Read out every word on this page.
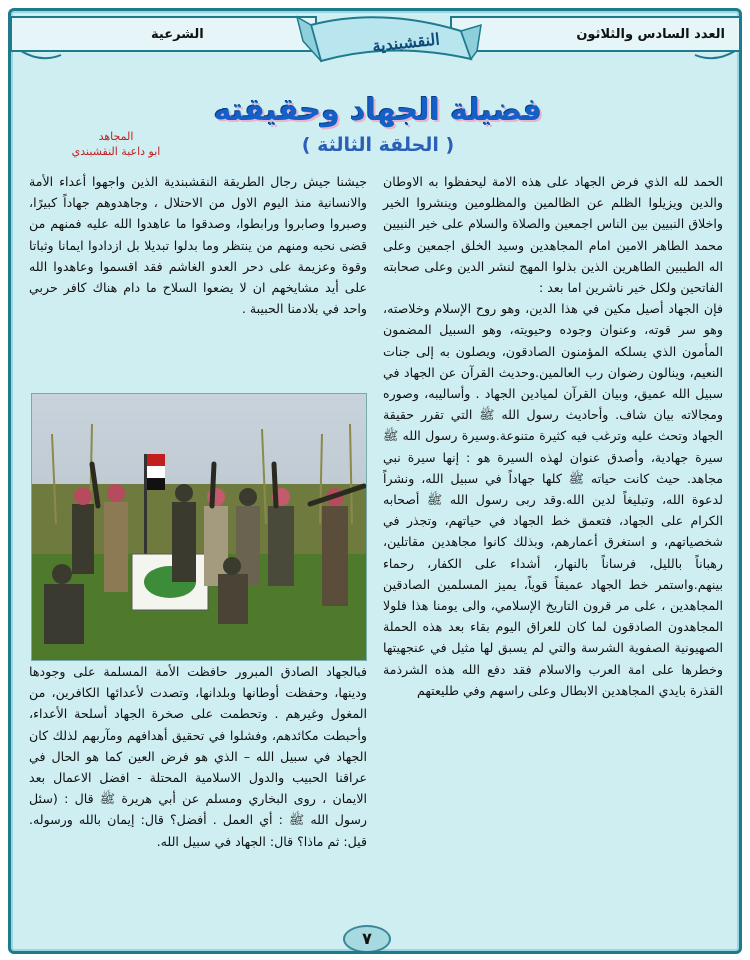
العدد السادس والثلاثون
الشرعية	النقشبندية
فضيلة الجهاد وحقيقته
( الحلقة الثالثة )
المجاهد
ابو داعبة النقشبندي

الحمد لله الذي فرض الجهاد على هذه الامة ليحفظوا به الاوطان والدين ويزيلوا الظلم عن الظالمين والمظلومين وينشروا الخير واخلاق النبيين بين الناس اجمعين والصلاة والسلام على خير النبيين محمد الطاهر الامين امام المجاهدين وسيد الخلق اجمعين وعلى اله الطيبين الطاهرين الذين بذلوا المهج لنشر الدين وعلى صحابته الفاتحين ولكل خير ناشرين اما بعد :

فإن الجهاد أصيل مكين في هذا الدين، وهو روح الإسلام وخلاصته، وهو سر قوته، وعنوان وجوده وحيويته، وهو السبيل المضمون المأمون الذي يسلكه المؤمنون الصادقون، ويصلون به إلى جنات النعيم، وينالون رضوان رب العالمين.وحديث القرآن عن الجهاد في سبيل الله عميق، وبيان القرآن لميادين الجهاد . وأساليبه، وصوره ومجالاته بيان شاف. وأحاديث رسول الله ﷺ التي تقرر حقيقة الجهاد وتحث عليه وترغب فيه كثيرة متنوعة.وسيرة رسول الله ﷺ سيرة جهادية، وأصدق عنوان لهذه السيرة هو : إنها سيرة نبي مجاهد. حيث كانت حياته ﷺ كلها جهاداً في سبيل الله، ونشراً لدعوة الله، وتبليغاً لدين الله.وقد ربى رسول الله ﷺ أصحابه الكرام على الجهاد، فتعمق خط الجهاد في حياتهم، وتجذر في شخصياتهم، و استغرق أعمارهم، وبذلك كانوا مجاهدين مقاتلين، رهباناً بالليل، فرساناً بالنهار، أشداء على الكفار، رحماء بينهم.واستمر خط الجهاد عميقاً قوياً، يميز المسلمين الصادقين المجاهدين ، على مر قرون التاريخ الإسلامي، والى يومنا هذا فلولا المجاهدون الصادقون لما كان للعراق اليوم بقاء بعد هذه الحملة الصهيونية الصفوية الشرسة والتي لم يسبق لها مثيل في عنجهيتها وخطرها على امة العرب والاسلام فقد دفع الله هذه الشرذمة القذرة بايدي المجاهدين الابطال وعلى راسهم وفي طليعتهم

جيشنا جيش رجال الطريقة النقشبندية الذين واجهوا أعداء الأمة والانسانية منذ اليوم الاول من الاحتلال ، وجاهدوهم جهاداً كبيرًا، وصبروا وصابروا ورابطوا، وصدقوا ما عاهدوا الله عليه فمنهم من قضى نحبه ومنهم من ينتظر وما بدلوا تبديلا بل ازدادوا ايمانا وثباتا وقوة وعزيمة على دحر العدو الغاشم فقد اقسموا وعاهدوا الله على أيد مشايخهم ان لا يضعوا السلاح ما دام هناك كافر حربي واحد في بلادمنا الحبيبة .

فبالجهاد الصادق المبرور حافظت الأمة المسلمة على وجودها ودينها، وحفظت أوطانها وبلدانها، وتصدت لأعدائها الكافرين، من المغول وغيرهم . وتحطمت على صخرة الجهاد أسلحة الأعداء، وأحبطت مكائدهم، وفشلوا في تحقيق أهدافهم ومآربهم لذلك كان الجهاد في سبيل الله – الذي هو فرض العين كما هو الحال في عراقنا الحبيب والدول الاسلامية المحتلة - افضل الاعمال بعد الايمان ، روى البخاري ومسلم عن أبي هريرة ﷺ قال : (سئل رسول الله ﷺ : أي العمل . أفضل؟ قال: إيمان بالله ورسوله. قيل: ثم ماذا؟ قال: الجهاد في سبيل الله.

٧
